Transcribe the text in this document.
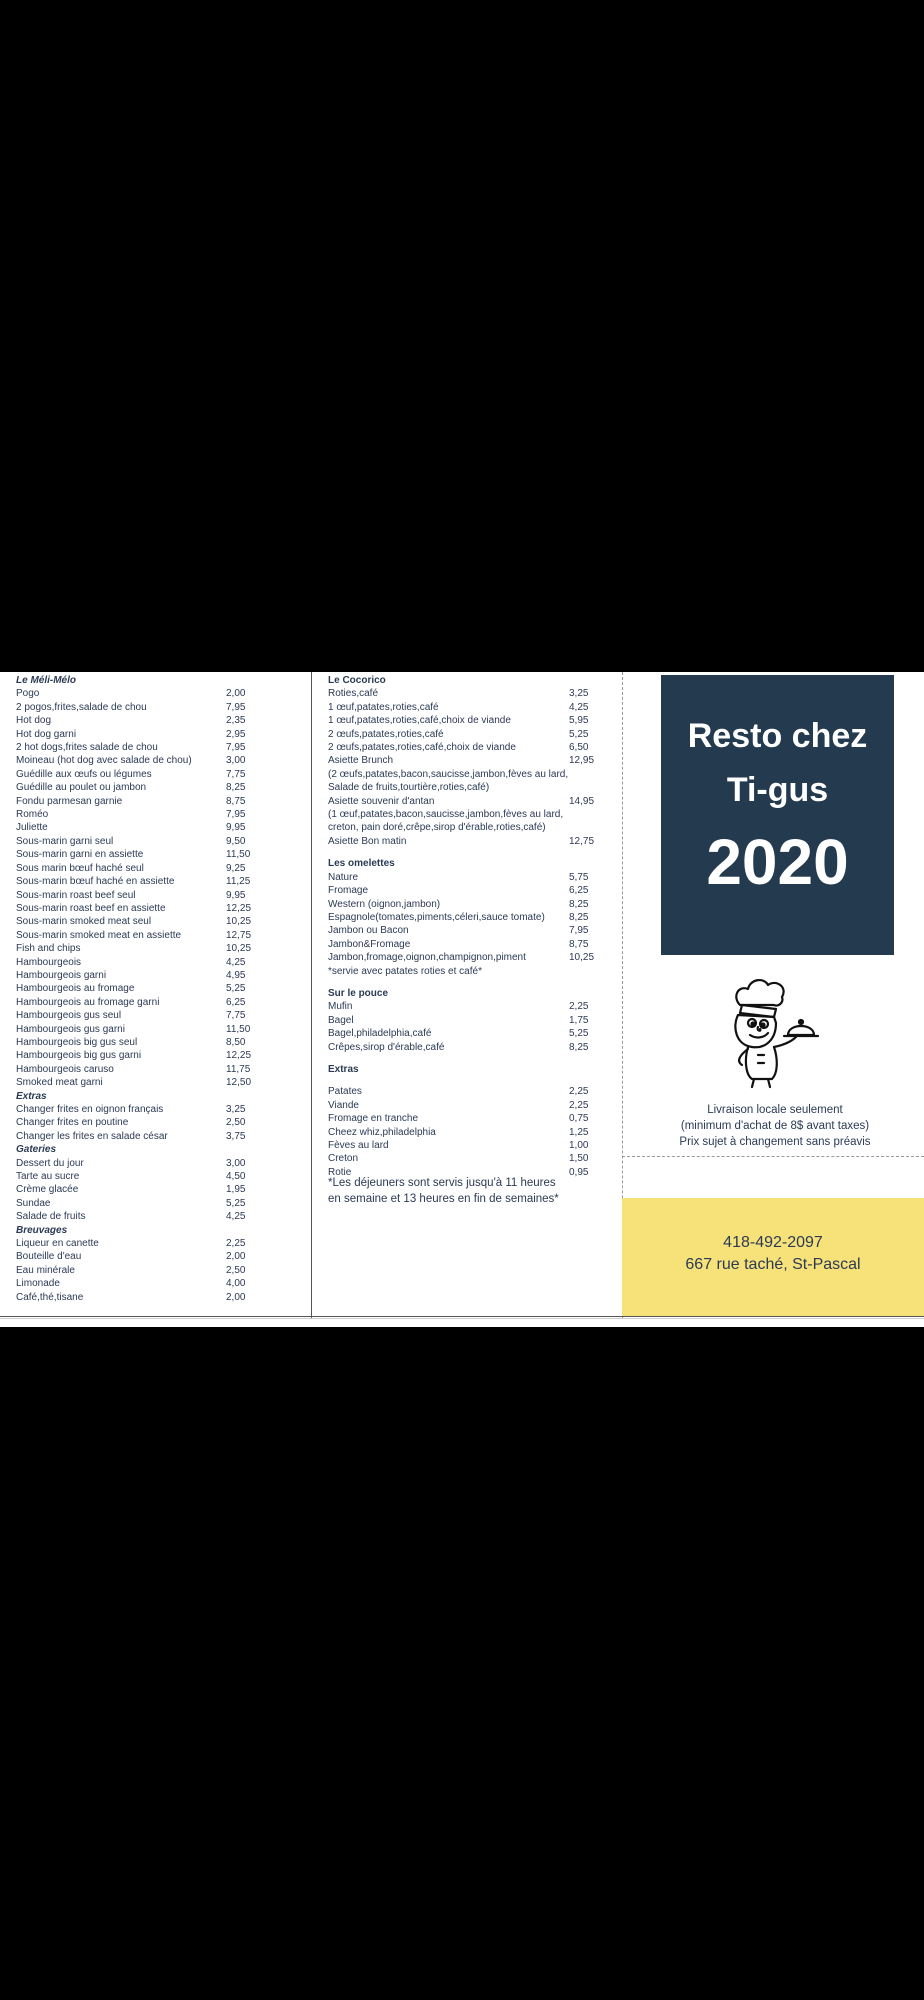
Le Méli-Mélo
Pogo	2,00
2 pogos,frites,salade de chou	7,95
Hot dog	2,35
Hot dog garni	2,95
2 hot dogs,frites salade de chou	7,95
Moineau (hot dog avec salade de chou)	3,00
Guédille aux œufs ou légumes	7,75
Guédille au poulet ou jambon	8,25
Fondu parmesan garnie	8,75
Roméo	7,95
Juliette	9,95
Sous-marin garni seul	9,50
Sous-marin garni en assiette	11,50
Sous marin bœuf haché seul	9,25
Sous-marin bœuf haché en assiette	11,25
Sous-marin roast beef seul	9,95
Sous-marin roast beef en assiette	12,25
Sous-marin smoked meat seul	10,25
Sous-marin smoked meat en assiette	12,75
Fish and chips	10,25
Hambourgeois	4,25
Hambourgeois garni	4,95
Hambourgeois au fromage	5,25
Hambourgeois au fromage garni	6,25
Hambourgeois gus seul	7,75
Hambourgeois gus garni	11,50
Hambourgeois big gus seul	8,50
Hambourgeois big gus garni	12,25
Hambourgeois caruso	11,75
Smoked meat garni	12,50
Extras
Changer frites en oignon français	3,25
Changer frites en poutine	2,50
Changer les frites en salade césar	3,75
Gateries
Dessert du jour	3,00
Tarte au sucre	4,50
Crème glacée	1,95
Sundae	5,25
Salade de fruits	4,25
Breuvages
Liqueur en canette	2,25
Bouteille d'eau	2,00
Eau minérale	2,50
Limonade	4,00
Café,thé,tisane	2,00
Le Cocorico
Roties,café	3,25
1 œuf,patates,roties,café	4,25
1 œuf,patates,roties,café,choix de viande	5,95
2 œufs,patates,roties,café	5,25
2 œufs,patates,roties,café,choix de viande	6,50
Asiette Brunch	12,95
(2 œufs,patates,bacon,saucisse,jambon,fèves au lard,
Salade de fruits,tourtière,roties,café)
Asiette souvenir d'antan	14,95
(1 œuf,patates,bacon,saucisse,jambon,fèves au lard,
creton, pain doré,crêpe,sirop d'érable,roties,café)
Asiette Bon matin	12,75
Les omelettes
Nature	5,75
Fromage	6,25
Western (oignon,jambon)	8,25
Espagnole(tomates,piments,céleri,sauce tomate)	8,25
Jambon ou Bacon	7,95
Jambon&Fromage	8,75
Jambon,fromage,oignon,champignon,piment	10,25
*servie avec patates roties et café*
Sur le pouce
Mufin	2,25
Bagel	1,75
Bagel,philadelphia,café	5,25
Crêpes,sirop d'érable,café	8,25
Extras
Patates	2,25
Viande	2,25
Fromage en tranche	0,75
Cheez whiz,philadelphia	1,25
Fèves au lard	1,00
Creton	1,50
Rotie	0,95
*Les déjeuners sont servis jusqu'à 11 heures
en semaine et 13 heures en fin de semaines*
Resto chez
Ti-gus
2020
Livraison locale seulement
(minimum d'achat de 8$ avant taxes)
Prix sujet à changement sans préavis
418-492-2097
667 rue taché, St-Pascal
